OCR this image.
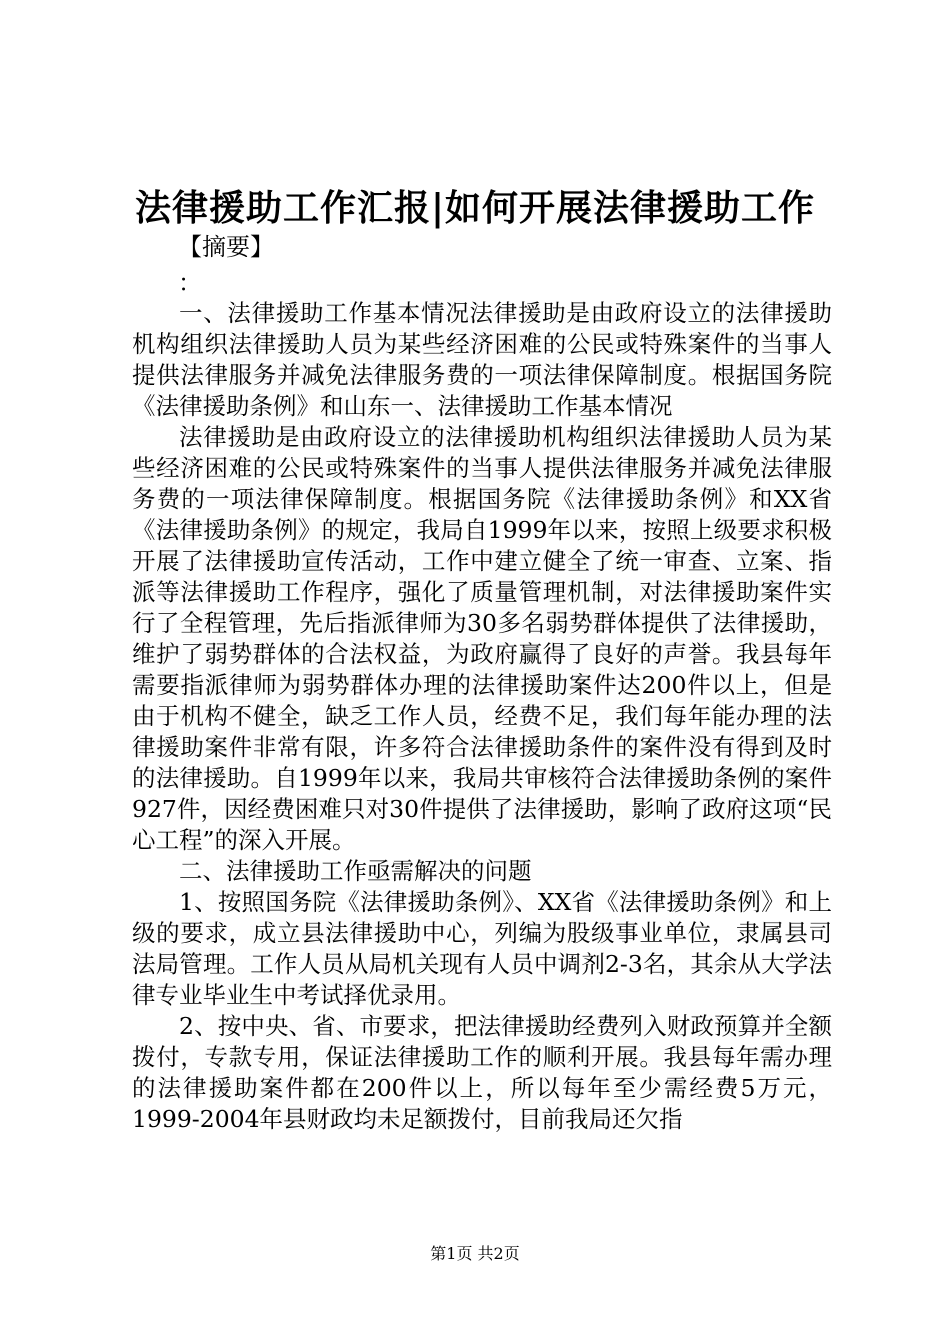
法律援助工作汇报|如何开展法律援助工作
【摘要】
：

一、法律援助工作基本情况法律援助是由政府设立的法律援助机构组织法律援助人员为某些经济困难的公民或特殊案件的当事人提供法律服务并减免法律服务费的一项法律保障制度。根据国务院《法律援助条例》和山东一、法律援助工作基本情况

法律援助是由政府设立的法律援助机构组织法律援助人员为某些经济困难的公民或特殊案件的当事人提供法律服务并减免法律服务费的一项法律保障制度。根据国务院《法律援助条例》和XX省《法律援助条例》的规定，我局自1999年以来，按照上级要求积极开展了法律援助宣传活动，工作中建立健全了统一审查、立案、指派等法律援助工作程序，强化了质量管理机制，对法律援助案件实行了全程管理，先后指派律师为30多名弱势群体提供了法律援助，维护了弱势群体的合法权益，为政府赢得了良好的声誉。我县每年需要指派律师为弱势群体办理的法律援助案件达200件以上，但是由于机构不健全，缺乏工作人员，经费不足，我们每年能办理的法律援助案件非常有限，许多符合法律援助条件的案件没有得到及时的法律援助。自1999年以来，我局共审核符合法律援助条例的案件927件，因经费困难只对30件提供了法律援助，影响了政府这项“民心工程”的深入开展。

二、法律援助工作亟需解决的问题

1、按照国务院《法律援助条例》、XX省《法律援助条例》和上级的要求，成立县法律援助中心，列编为股级事业单位，隶属县司法局管理。工作人员从局机关现有人员中调剂2-3名，其余从大学法律专业毕业生中考试择优录用。

2、按中央、省、市要求，把法律援助经费列入财政预算并全额拨付，专款专用，保证法律援助工作的顺利开展。我县每年需办理的法律援助案件都在200件以上，所以每年至少需经费5万元，1999-2004年县财政均未足额拨付，目前我局还欠指

第1页 共2页
